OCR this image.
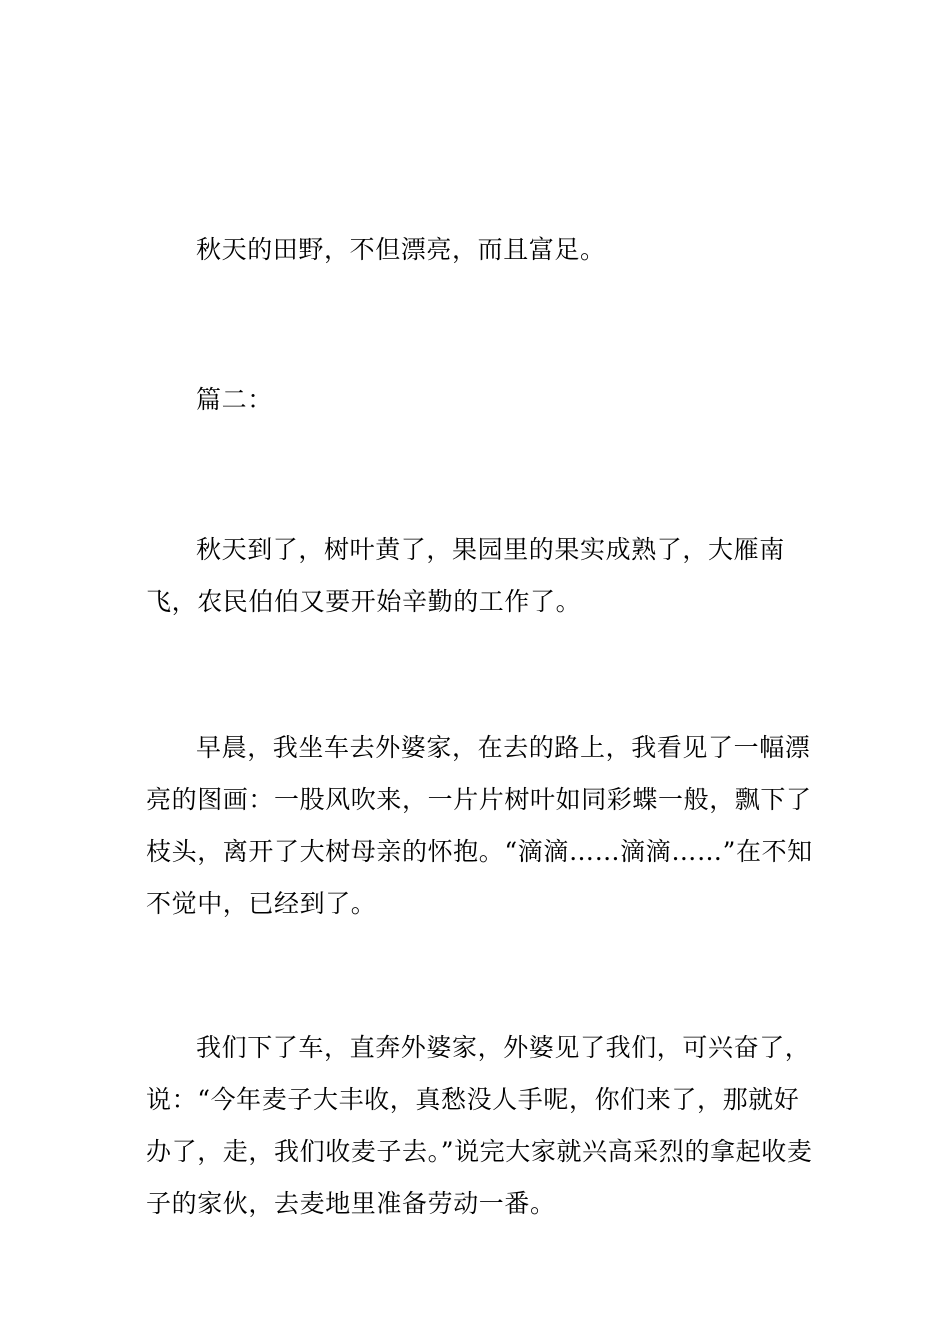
秋天的田野，不但漂亮，而且富足。

篇二：

秋天到了，树叶黄了，果园里的果实成熟了，大雁南飞，农民伯伯又要开始辛勤的工作了。

早晨，我坐车去外婆家，在去的路上，我看见了一幅漂亮的图画：一股风吹来，一片片树叶如同彩蝶一般，飘下了枝头，离开了大树母亲的怀抱。“滴滴……滴滴……”在不知不觉中，已经到了。

我们下了车，直奔外婆家，外婆见了我们，可兴奋了，说：“今年麦子大丰收，真愁没人手呢，你们来了，那就好办了，走，我们收麦子去。”说完大家就兴高采烈的拿起收麦子的家伙，去麦地里准备劳动一番。
